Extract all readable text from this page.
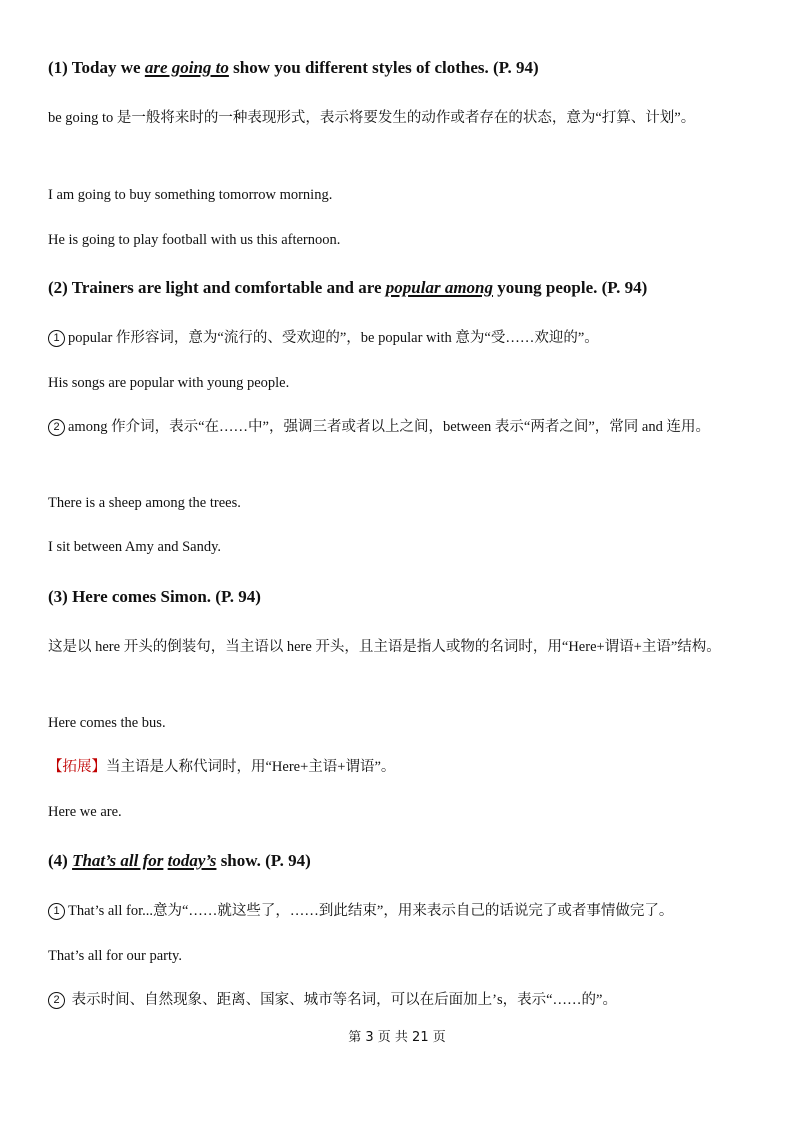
(1) Today we are going to show you different styles of clothes. (P. 94)
be going to 是一般将来时的一种表现形式，表示将要发生的动作或者存在的状态，意为“打算、计划”。
I am going to buy something tomorrow morning.
He is going to play football with us this afternoon.
(2) Trainers are light and comfortable and are popular among young people. (P. 94)
1 popular 作形容词，意为“流行的、受欢迎的”，be popular with 意为“受……欢迎的”。
His songs are popular with young people.
2 among 作介词，表示“在……中”，强调三者或者以上之间，between 表示“两者之间”，常同 and 连用。
There is a sheep among the trees.
I sit between Amy and Sandy.
(3) Here comes Simon. (P. 94)
这是以 here 开头的倒装句，当主语以 here 开头，且主语是指人或物的名词时，用“Here+谓语+主语”结构。
Here comes the bus.
【拓展】当主语是人称代词时，用“Here+主语+谓语”。
Here we are.
(4) That’s all for today’s show. (P. 94)
1 That’s all for...意为“……就这些了，……到此结束”，用来表示自己的话说完了或者事情做完了。
That’s all for our party.
2 表示时间、自然现象、距离、国家、城市等名词，可以在后面加上’s，表示“……的”。
第 3 页 共 21 页
